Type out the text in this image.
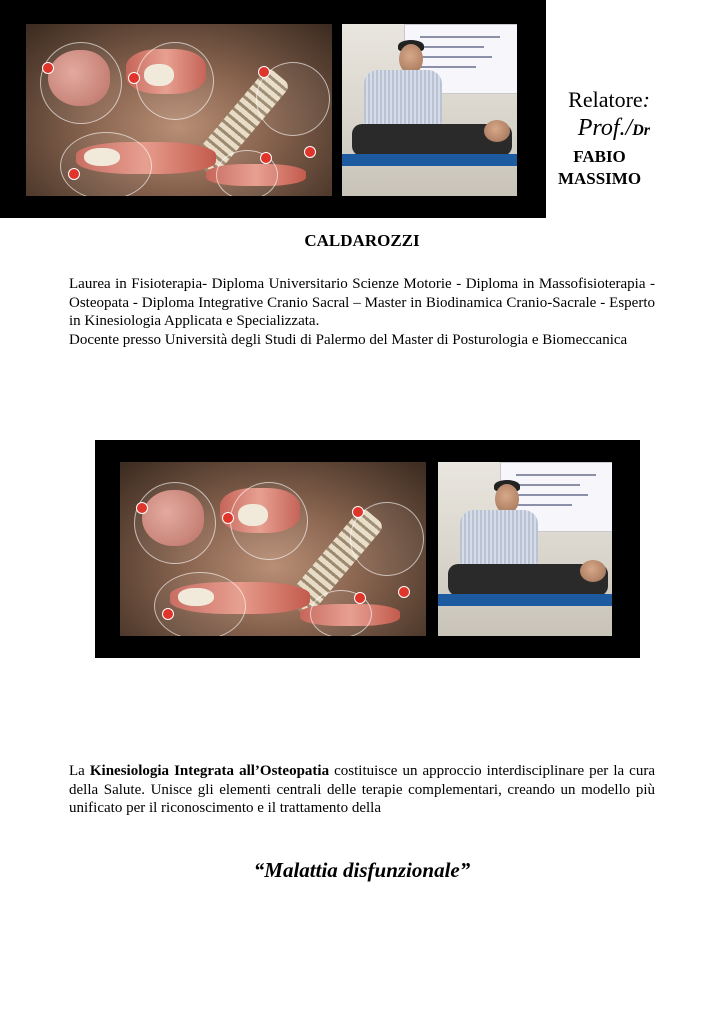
Relatore:
Prof./Dr
FABIO
MASSIMO
CALDAROZZI

Laurea in Fisioterapia- Diploma Universitario Scienze Motorie - Diploma in Massofisioterapia - Osteopata - Diploma Integrative Cranio Sacral – Master in Biodinamica Cranio-Sacrale - Esperto in Kinesiologia Applicata e Specializzata.

Docente presso Università degli Studi di Palermo del Master di Posturologia e Biomeccanica

La Kinesiologia Integrata all’Osteopatia costituisce un approccio interdisciplinare per la cura della Salute. Unisce gli elementi centrali delle terapie complementari, creando un modello più unificato per il riconoscimento e il trattamento della
“Malattia disfunzionale”
